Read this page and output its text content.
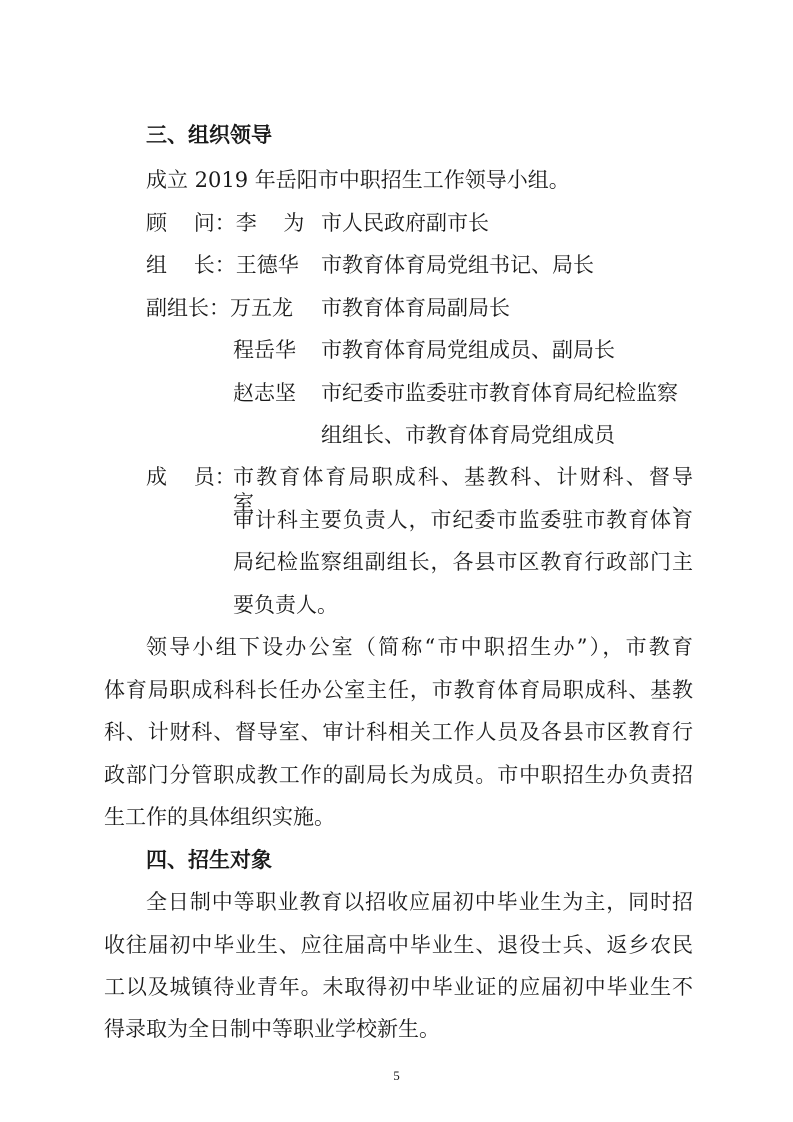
三、组织领导
成立 2019 年岳阳市中职招生工作领导小组。
顾    问：李    为 市人民政府副市长
组    长：王德华 市教育体育局党组书记、局长
副组长：万五龙 市教育体育局副局长
程岳华 市教育体育局党组成员、副局长
赵志坚 市纪委市监委驻市教育体育局纪检监察
组组长、市教育体育局党组成员
成    员：
市教育体育局职成科、基教科、计财科、督导室、
审计科主要负责人，市纪委市监委驻市教育体育
局纪检监察组副组长，各县市区教育行政部门主
要负责人。
领导小组下设办公室（简称“市中职招生办”），市教育
体育局职成科科长任办公室主任，市教育体育局职成科、基教
科、计财科、督导室、审计科相关工作人员及各县市区教育行
政部门分管职成教工作的副局长为成员。市中职招生办负责招
生工作的具体组织实施。
四、招生对象
全日制中等职业教育以招收应届初中毕业生为主，同时招
收往届初中毕业生、应往届高中毕业生、退役士兵、返乡农民
工以及城镇待业青年。未取得初中毕业证的应届初中毕业生不
得录取为全日制中等职业学校新生。
5
